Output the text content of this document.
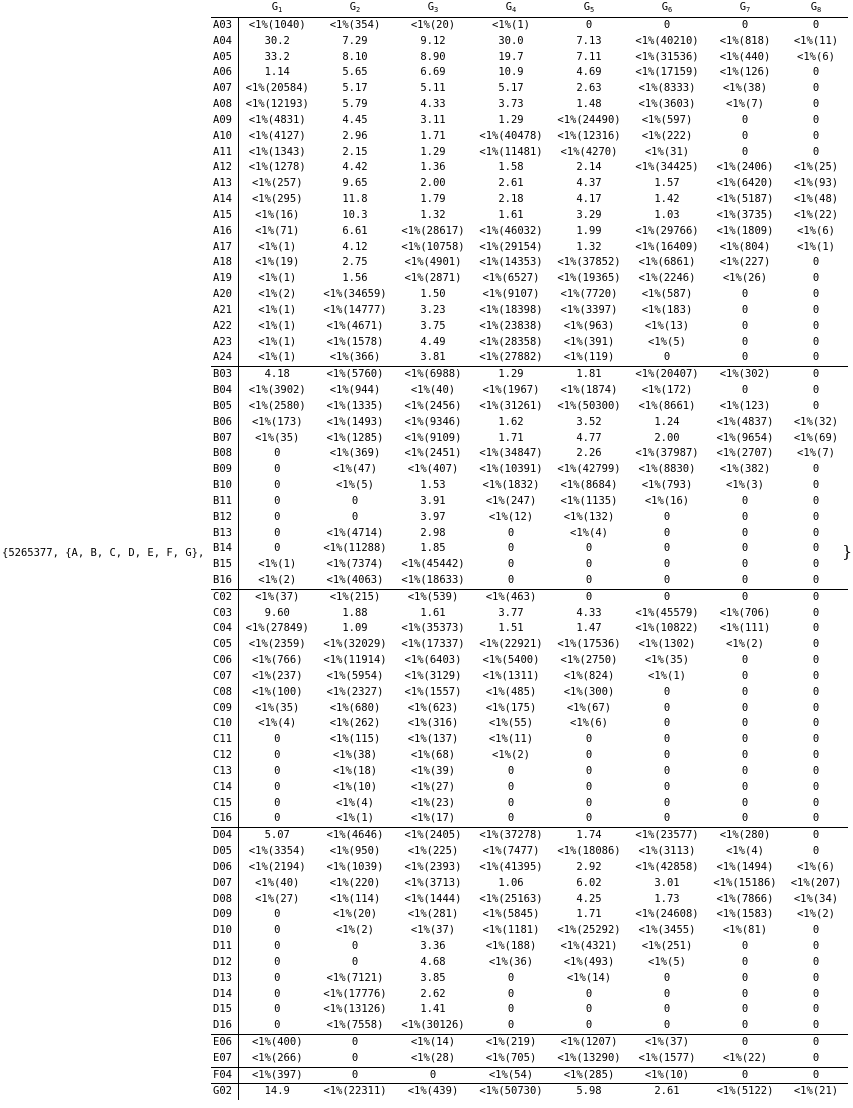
{5265377, {A, B, C, D, E, F, G},	}
	$G_1$	$G_2$	$G_3$	$G_4$	$G_5$	$G_6$	$G_7$	$G_8$
A03	<1%(1040)	<1%(354)	<1%(20)	<1%(1)	0	0	0	0
A04	30.2	7.29	9.12	30.0	7.13	<1%(40210)	<1%(818)	<1%(11)
A05	33.2	8.10	8.90	19.7	7.11	<1%(31536)	<1%(440)	<1%(6)
A06	1.14	5.65	6.69	10.9	4.69	<1%(17159)	<1%(126)	0
A07	<1%(20584)	5.17	5.11	5.17	2.63	<1%(8333)	<1%(38)	0
A08	<1%(12193)	5.79	4.33	3.73	1.48	<1%(3603)	<1%(7)	0
A09	<1%(4831)	4.45	3.11	1.29	<1%(24490)	<1%(597)	0	0
A10	<1%(4127)	2.96	1.71	<1%(40478)	<1%(12316)	<1%(222)	0	0
A11	<1%(1343)	2.15	1.29	<1%(11481)	<1%(4270)	<1%(31)	0	0
A12	<1%(1278)	4.42	1.36	1.58	2.14	<1%(34425)	<1%(2406)	<1%(25)
A13	<1%(257)	9.65	2.00	2.61	4.37	1.57	<1%(6420)	<1%(93)
A14	<1%(295)	11.8	1.79	2.18	4.17	1.42	<1%(5187)	<1%(48)
A15	<1%(16)	10.3	1.32	1.61	3.29	1.03	<1%(3735)	<1%(22)
A16	<1%(71)	6.61	<1%(28617)	<1%(46032)	1.99	<1%(29766)	<1%(1809)	<1%(6)
A17	<1%(1)	4.12	<1%(10758)	<1%(29154)	1.32	<1%(16409)	<1%(804)	<1%(1)
A18	<1%(19)	2.75	<1%(4901)	<1%(14353)	<1%(37852)	<1%(6861)	<1%(227)	0
A19	<1%(1)	1.56	<1%(2871)	<1%(6527)	<1%(19365)	<1%(2246)	<1%(26)	0
A20	<1%(2)	<1%(34659)	1.50	<1%(9107)	<1%(7720)	<1%(587)	0	0
A21	<1%(1)	<1%(14777)	3.23	<1%(18398)	<1%(3397)	<1%(183)	0	0
A22	<1%(1)	<1%(4671)	3.75	<1%(23838)	<1%(963)	<1%(13)	0	0
A23	<1%(1)	<1%(1578)	4.49	<1%(28358)	<1%(391)	<1%(5)	0	0
A24	<1%(1)	<1%(366)	3.81	<1%(27882)	<1%(119)	0	0	0
B03	4.18	<1%(5760)	<1%(6988)	1.29	1.81	<1%(20407)	<1%(302)	0
B04	<1%(3902)	<1%(944)	<1%(40)	<1%(1967)	<1%(1874)	<1%(172)	0	0
B05	<1%(2580)	<1%(1335)	<1%(2456)	<1%(31261)	<1%(50300)	<1%(8661)	<1%(123)	0
B06	<1%(173)	<1%(1493)	<1%(9346)	1.62	3.52	1.24	<1%(4837)	<1%(32)
B07	<1%(35)	<1%(1285)	<1%(9109)	1.71	4.77	2.00	<1%(9654)	<1%(69)
B08	0	<1%(369)	<1%(2451)	<1%(34847)	2.26	<1%(37987)	<1%(2707)	<1%(7)
B09	0	<1%(47)	<1%(407)	<1%(10391)	<1%(42799)	<1%(8830)	<1%(382)	0
B10	0	<1%(5)	1.53	<1%(1832)	<1%(8684)	<1%(793)	<1%(3)	0
B11	0	0	3.91	<1%(247)	<1%(1135)	<1%(16)	0	0
B12	0	0	3.97	<1%(12)	<1%(132)	0	0	0
B13	0	<1%(4714)	2.98	0	<1%(4)	0	0	0
B14	0	<1%(11288)	1.85	0	0	0	0	0
B15	<1%(1)	<1%(7374)	<1%(45442)	0	0	0	0	0
B16	<1%(2)	<1%(4063)	<1%(18633)	0	0	0	0	0
C02	<1%(37)	<1%(215)	<1%(539)	<1%(463)	0	0	0	0
C03	9.60	1.88	1.61	3.77	4.33	<1%(45579)	<1%(706)	0
C04	<1%(27849)	1.09	<1%(35373)	1.51	1.47	<1%(10822)	<1%(111)	0
C05	<1%(2359)	<1%(32029)	<1%(17337)	<1%(22921)	<1%(17536)	<1%(1302)	<1%(2)	0
C06	<1%(766)	<1%(11914)	<1%(6403)	<1%(5400)	<1%(2750)	<1%(35)	0	0
C07	<1%(237)	<1%(5954)	<1%(3129)	<1%(1311)	<1%(824)	<1%(1)	0	0
C08	<1%(100)	<1%(2327)	<1%(1557)	<1%(485)	<1%(300)	0	0	0
C09	<1%(35)	<1%(680)	<1%(623)	<1%(175)	<1%(67)	0	0	0
C10	<1%(4)	<1%(262)	<1%(316)	<1%(55)	<1%(6)	0	0	0
C11	0	<1%(115)	<1%(137)	<1%(11)	0	0	0	0
C12	0	<1%(38)	<1%(68)	<1%(2)	0	0	0	0
C13	0	<1%(18)	<1%(39)	0	0	0	0	0
C14	0	<1%(10)	<1%(27)	0	0	0	0	0
C15	0	<1%(4)	<1%(23)	0	0	0	0	0
C16	0	<1%(1)	<1%(17)	0	0	0	0	0
D04	5.07	<1%(4646)	<1%(2405)	<1%(37278)	1.74	<1%(23577)	<1%(280)	0
D05	<1%(3354)	<1%(950)	<1%(225)	<1%(7477)	<1%(18086)	<1%(3113)	<1%(4)	0
D06	<1%(2194)	<1%(1039)	<1%(2393)	<1%(41395)	2.92	<1%(42858)	<1%(1494)	<1%(6)
D07	<1%(40)	<1%(220)	<1%(3713)	1.06	6.02	3.01	<1%(15186)	<1%(207)
D08	<1%(27)	<1%(114)	<1%(1444)	<1%(25163)	4.25	1.73	<1%(7866)	<1%(34)
D09	0	<1%(20)	<1%(281)	<1%(5845)	1.71	<1%(24608)	<1%(1583)	<1%(2)
D10	0	<1%(2)	<1%(37)	<1%(1181)	<1%(25292)	<1%(3455)	<1%(81)	0
D11	0	0	3.36	<1%(188)	<1%(4321)	<1%(251)	0	0
D12	0	0	4.68	<1%(36)	<1%(493)	<1%(5)	0	0
D13	0	<1%(7121)	3.85	0	<1%(14)	0	0	0
D14	0	<1%(17776)	2.62	0	0	0	0	0
D15	0	<1%(13126)	1.41	0	0	0	0	0
D16	0	<1%(7558)	<1%(30126)	0	0	0	0	0
E06	<1%(400)	0	<1%(14)	<1%(219)	<1%(1207)	<1%(37)	0	0
E07	<1%(266)	0	<1%(28)	<1%(705)	<1%(13290)	<1%(1577)	<1%(22)	0
F04	<1%(397)	0	0	<1%(54)	<1%(285)	<1%(10)	0	0
G02	14.9	<1%(22311)	<1%(439)	<1%(50730)	5.98	2.61	<1%(5122)	<1%(21)
